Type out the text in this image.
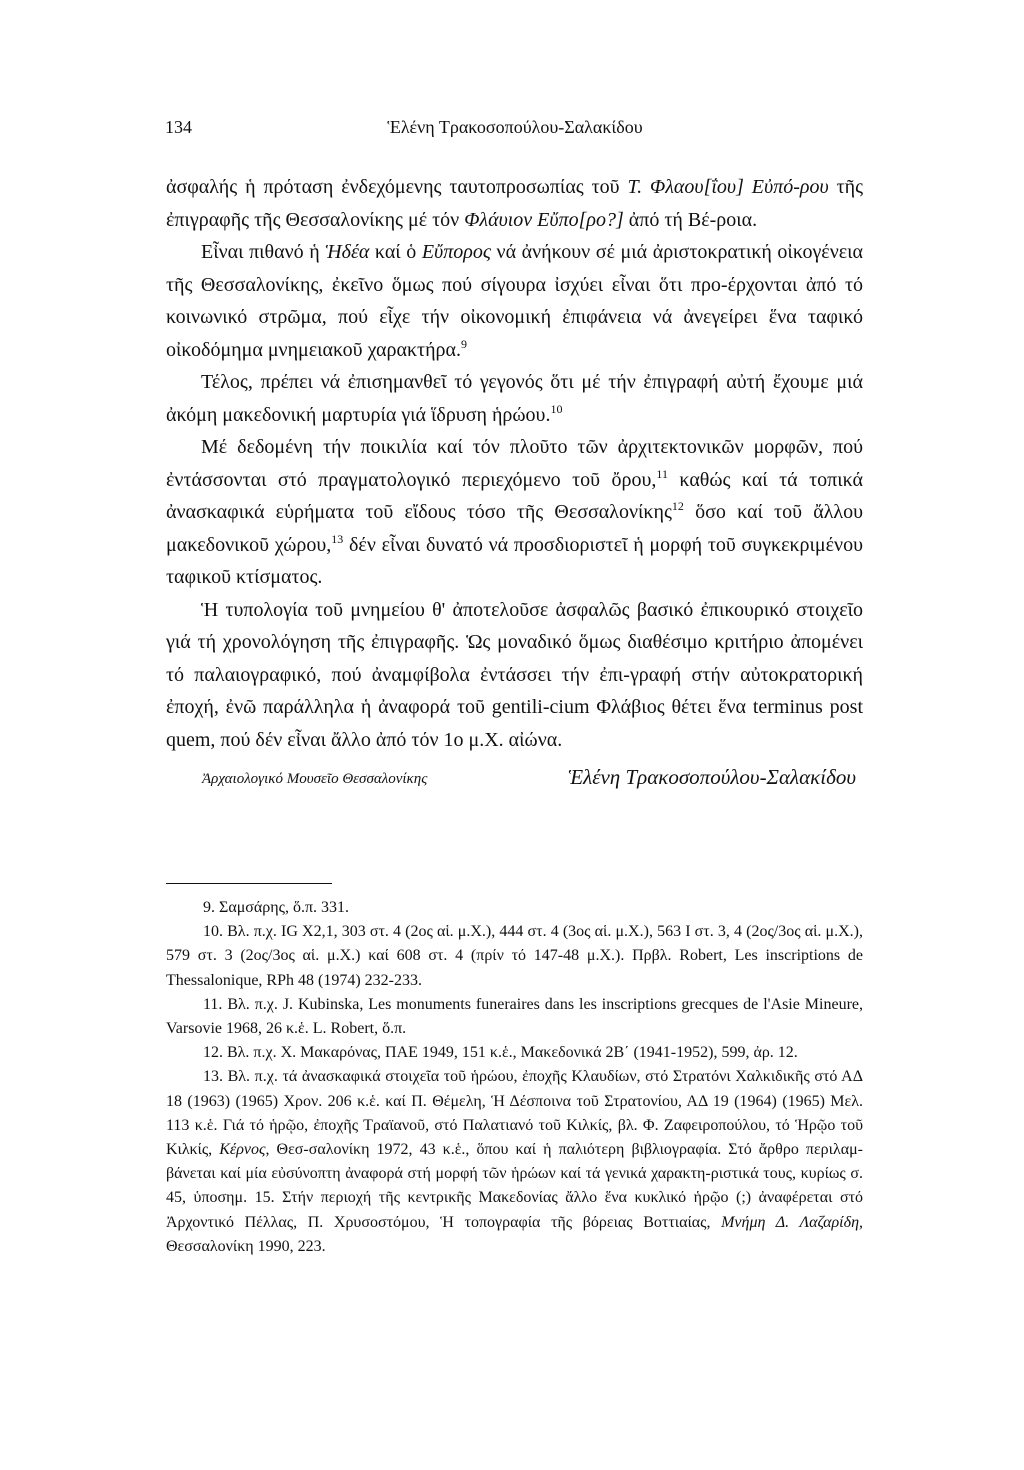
134	Ἑλένη Τρακοσοπούλου-Σαλακίδου

ἀσφαλής ἡ πρόταση ἐνδεχόμενης ταυτοπροσωπίας τοῦ Τ. Φλαου[ΐου] Εὐπό-ρου τῆς ἐπιγραφῆς τῆς Θεσσαλονίκης μέ τόν Φλάυιον Εὔπο[ρο?] ἀπό τή Βέ-ροια.

Εἶναι πιθανό ἡ Ἡδέα καί ὁ Εὔπορος νά ἀνήκουν σέ μιά ἀριστοκρατική οἰκογένεια τῆς Θεσσαλονίκης, ἐκεῖνο ὅμως πού σίγουρα ἰσχύει εἶναι ὅτι προ-έρχονται ἀπό τό κοινωνικό στρῶμα, πού εἶχε τήν οἰκονομική ἐπιφάνεια νά ἀνεγείρει ἕνα ταφικό οἰκοδόμημα μνημειακοῦ χαρακτήρα.$^9$

Τέλος, πρέπει νά ἐπισημανθεῖ τό γεγονός ὅτι μέ τήν ἐπιγραφή αὐτή ἔχουμε μιά ἀκόμη μακεδονική μαρτυρία γιά ἵδρυση ἡρώου.$^{10}$

Μέ δεδομένη τήν ποικιλία καί τόν πλοῦτο τῶν ἀρχιτεκτονικῶν μορφῶν, πού ἐντάσσονται στό πραγματολογικό περιεχόμενο τοῦ ὄρου,$^{11}$ καθώς καί τά τοπικά ἀνασκαφικά εὑρήματα τοῦ εἴδους τόσο τῆς Θεσσαλονίκης$^{12}$ ὅσο καί τοῦ ἄλλου μακεδονικοῦ χώρου,$^{13}$ δέν εἶναι δυνατό νά προσδιοριστεῖ ἡ μορφή τοῦ συγκεκριμένου ταφικοῦ κτίσματος.

Ἡ τυπολογία τοῦ μνημείου θ' ἀποτελοῦσε ἀσφαλῶς βασικό ἐπικουρικό στοιχεῖο γιά τή χρονολόγηση τῆς ἐπιγραφῆς. Ὡς μοναδικό ὅμως διαθέσιμο κριτήριο ἀπομένει τό παλαιογραφικό, πού ἀναμφίβολα ἐντάσσει τήν ἐπι-γραφή στήν αὐτοκρατορική ἐποχή, ἐνῶ παράλληλα ἡ ἀναφορά τοῦ gentili-cium Φλάβιος θέτει ἕνα terminus post quem, πού δέν εἶναι ἄλλο ἀπό τόν 1ο μ.Χ. αἰώνα.

Ἀρχαιολογικό Μουσεῖο Θεσσαλονίκης	Ἑλένη Τρακοσοπούλου-Σαλακίδου

9. Σαμσάρης, ὅ.π. 331.

10. Βλ. π.χ. IG X2,1, 303 στ. 4 (2ος αἱ. μ.Χ.), 444 στ. 4 (3ος αἱ. μ.Χ.), 563 Ι στ. 3, 4 (2ος/3ος αἱ. μ.Χ.), 579 στ. 3 (2ος/3ος αἱ. μ.Χ.) καί 608 στ. 4 (πρίν τό 147-48 μ.Χ.). Πρβλ. Robert, Les inscriptions de Thessalonique, RPh 48 (1974) 232-233.

11. Βλ. π.χ. J. Kubinska, Les monuments funeraires dans les inscriptions grecques de l'Asie Mineure, Varsovie 1968, 26 κ.ἑ. L. Robert, ὅ.π.

12. Βλ. π.χ. Χ. Μακαρόνας, ΠΑΕ 1949, 151 κ.ἑ., Μακεδονικά 2Β΄ (1941-1952), 599, ἀρ. 12.

13. Βλ. π.χ. τά ἀνασκαφικά στοιχεῖα τοῦ ἡρώου, ἐποχῆς Κλαυδίων, στό Στρατόνι Χαλκιδικῆς στό ΑΔ 18 (1963) (1965) Χρον. 206 κ.ἑ. καί Π. Θέμελη, Ἡ Δέσποινα τοῦ Στρατονίου, ΑΔ 19 (1964) (1965) Μελ. 113 κ.ἑ. Γιά τό ἡρῷο, ἐποχῆς Τραϊανοῦ, στό Παλατιανό τοῦ Κιλκίς, βλ. Φ. Ζαφειροπούλου, τό Ἡρῷο τοῦ Κιλκίς, Κέρνος, Θεσ-σαλονίκη 1972, 43 κ.ἑ., ὅπου καί ἡ παλιότερη βιβλιογραφία. Στό ἄρθρο περιλαμ-βάνεται καί μία εὐσύνοπτη ἀναφορά στή μορφή τῶν ἡρώων καί τά γενικά χαρακτη-ριστικά τους, κυρίως σ. 45, ὑποσημ. 15. Στήν περιοχή τῆς κεντρικῆς Μακεδονίας ἄλλο ἕνα κυκλικό ἡρῷο (;) ἀναφέρεται στό Ἀρχοντικό Πέλλας, Π. Χρυσοστόμου, Ἡ τοπογραφία τῆς βόρειας Βοττιαίας, Μνήμη Δ. Λαζαρίδη, Θεσσαλονίκη 1990, 223.
